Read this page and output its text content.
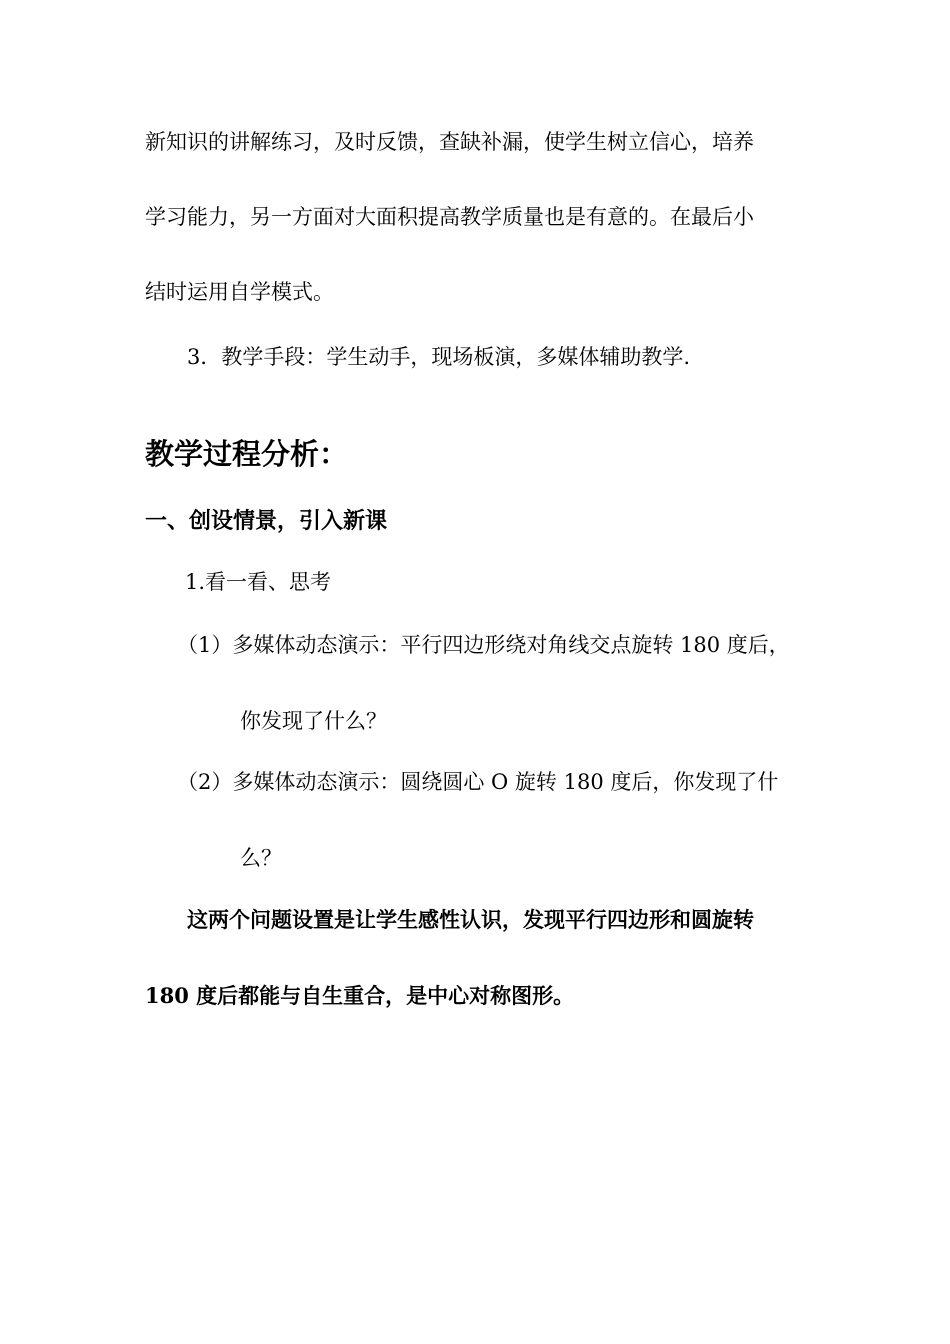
新知识的讲解练习，及时反馈，查缺补漏，使学生树立信心，培养
学习能力，另一方面对大面积提高教学质量也是有意的。在最后小
结时运用自学模式。
3．教学手段：学生动手，现场板演，多媒体辅助教学.
教学过程分析：
一、创设情景，引入新课
1.看一看、思考
（1）多媒体动态演示：平行四边形绕对角线交点旋转 180 度后，
你发现了什么？
（2）多媒体动态演示：圆绕圆心 O 旋转 180 度后，你发现了什
么？
这两个问题设置是让学生感性认识，发现平行四边形和圆旋转
180 度后都能与自生重合，是中心对称图形。
